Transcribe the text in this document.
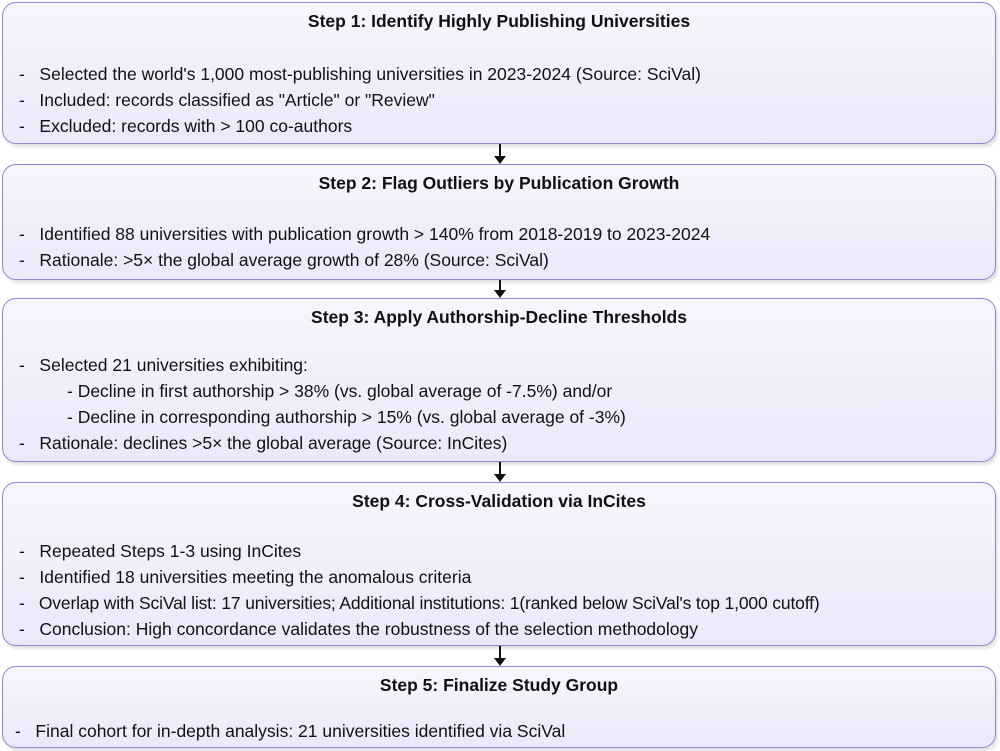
Step 1: Identify Highly Publishing Universities
-   Selected the world's 1,000 most-publishing universities in 2023-2024 (Source: SciVal)
-   Included: records classified as "Article" or "Review"
-   Excluded: records with > 100 co-authors
Step 2: Flag Outliers by Publication Growth
-   Identified 88 universities with publication growth > 140% from 2018-2019 to 2023-2024
-   Rationale: >5× the global average growth of 28% (Source: SciVal)
Step 3: Apply Authorship-Decline Thresholds
-   Selected 21 universities exhibiting:
- Decline in first authorship > 38% (vs. global average of -7.5%) and/or
- Decline in corresponding authorship > 15% (vs. global average of -3%)
-   Rationale: declines >5× the global average (Source: InCites)
Step 4: Cross-Validation via InCites
-   Repeated Steps 1-3 using InCites
-   Identified 18 universities meeting the anomalous criteria
-   Overlap with SciVal list: 17 universities; Additional institutions: 1(ranked below SciVal's top 1,000 cutoff)
-   Conclusion: High concordance validates the robustness of the selection methodology
Step 5: Finalize Study Group
-   Final cohort for in-depth analysis: 21 universities identified via SciVal
